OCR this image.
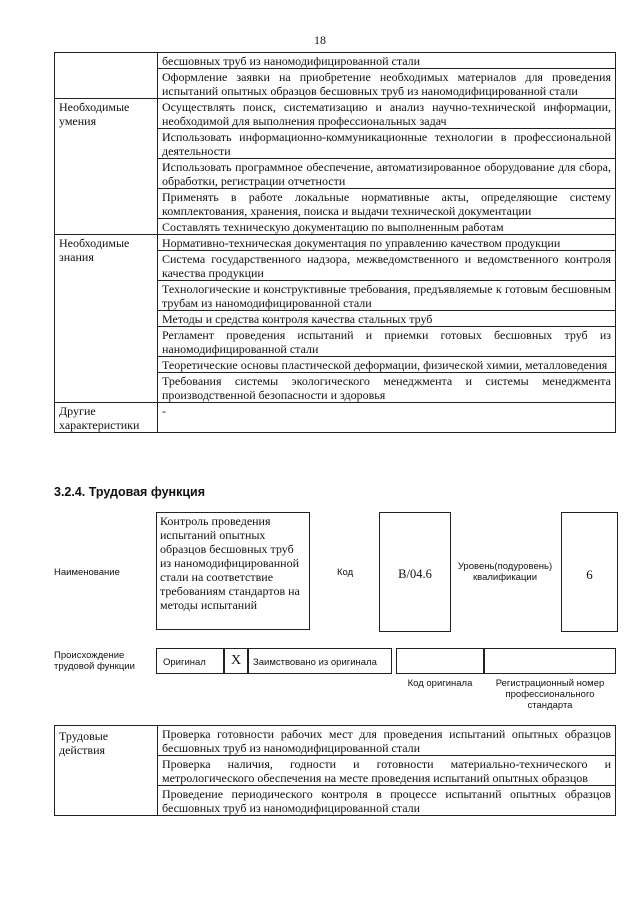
18
	бесшовных труб из наномодифицированной стали
	Оформление заявки на приобретение необходимых материалов для проведения испытаний опытных образцов бесшовных труб из наномодифицированной стали
Необходимые умения	Осуществлять поиск, систематизацию и анализ научно-технической информации, необходимой для выполнения профессиональных задач
	Использовать информационно-коммуникационные технологии в профессиональной деятельности
	Использовать программное обеспечение, автоматизированное оборудование для сбора, обработки, регистрации отчетности
	Применять в работе локальные нормативные акты, определяющие систему комплектования, хранения, поиска и выдачи технической документации
	Составлять техническую документацию по выполненным работам
Необходимые знания	Нормативно-техническая документация по управлению качеством продукции
	Система государственного надзора, межведомственного и ведомственного контроля качества продукции
	Технологические и конструктивные требования, предъявляемые к готовым бесшовным трубам из наномодифицированной стали
	Методы и средства контроля качества стальных труб
	Регламент проведения испытаний и приемки готовых бесшовных труб из наномодифицированной стали
	Теоретические основы пластической деформации, физической химии, металловедения
	Требования системы экологического менеджмента и системы менеджмента производственной безопасности и здоровья
Другие характеристики	-
3.2.4. Трудовая функция
Наименование
Контроль проведения испытаний опытных образцов бесшовных труб из наномодифицированной стали на соответствие требованиям стандартов на методы испытаний
Код	B/04.6
Уровень(подуровень) квалификации	6
Происхождение трудовой функции	Оригинал X Заимствовано из оригинала
Код оригинала	Регистрационный номер профессионального стандарта
Трудовые действия	Проверка готовности рабочих мест для проведения испытаний опытных образцов бесшовных труб из наномодифицированной стали
Проверка наличия, годности и готовности материально-технического и метрологического обеспечения на месте проведения испытаний опытных образцов
Проведение периодического контроля в процессе испытаний опытных образцов бесшовных труб из наномодифицированной стали
